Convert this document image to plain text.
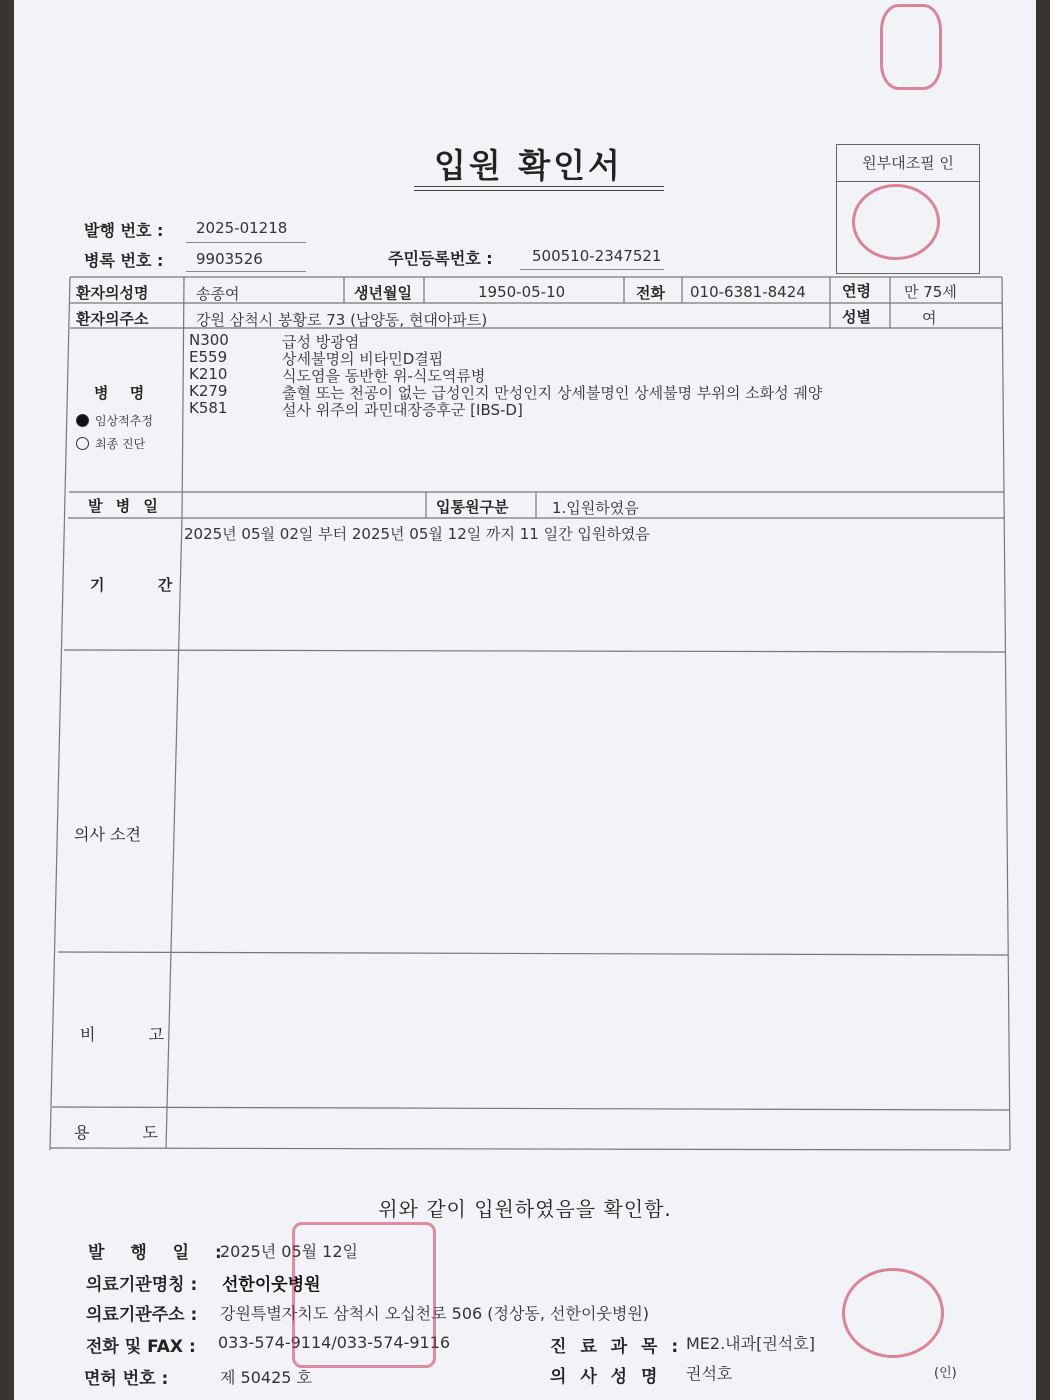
입원 확인서	원부대조필 인
발행 번호 : 2025-01218
병록 번호 : 9903526	주민등록번호 :	500510-2347521
환자의성명	송종여	생년월일	1950-05-10	전화 010-6381-8424 연령 만 75세
환자의주소	강원 삼척시 봉황로 73 (남양동, 현대아파트)	성별	여
병 명
임상적추정
최종 진단
N300	급성 방광염
E559	상세불명의 비타민D결핍
K210	식도염을 동반한 위-식도역류병
K279	출혈 또는 천공이 없는 급성인지 만성인지 상세불명인 상세불명 부위의 소화성 궤양
K581	설사 위주의 과민대장증후군 [IBS-D]
발 병 일	입통원구분	1.입원하였음
기 간
2025년 05월 02일 부터 2025년 05월 12일 까지 11 일간 입원하였음
의사 소견
비 고
용 도
위와 같이 입원하였음을 확인함.
발 행 일 :
2025년 05월 12일
의료기관명칭 : 선한이웃병원
의료기관주소 : 강원특별자치도 삼척시 오십천로 506 (정상동, 선한이웃병원)
전화 및 FAX : 033-574-9114/033-574-9116	진 료 과 목 : ME2.내과[권석호]
면허 번호 :	제 50425 호	의 사 성 명 권석호	(인)
